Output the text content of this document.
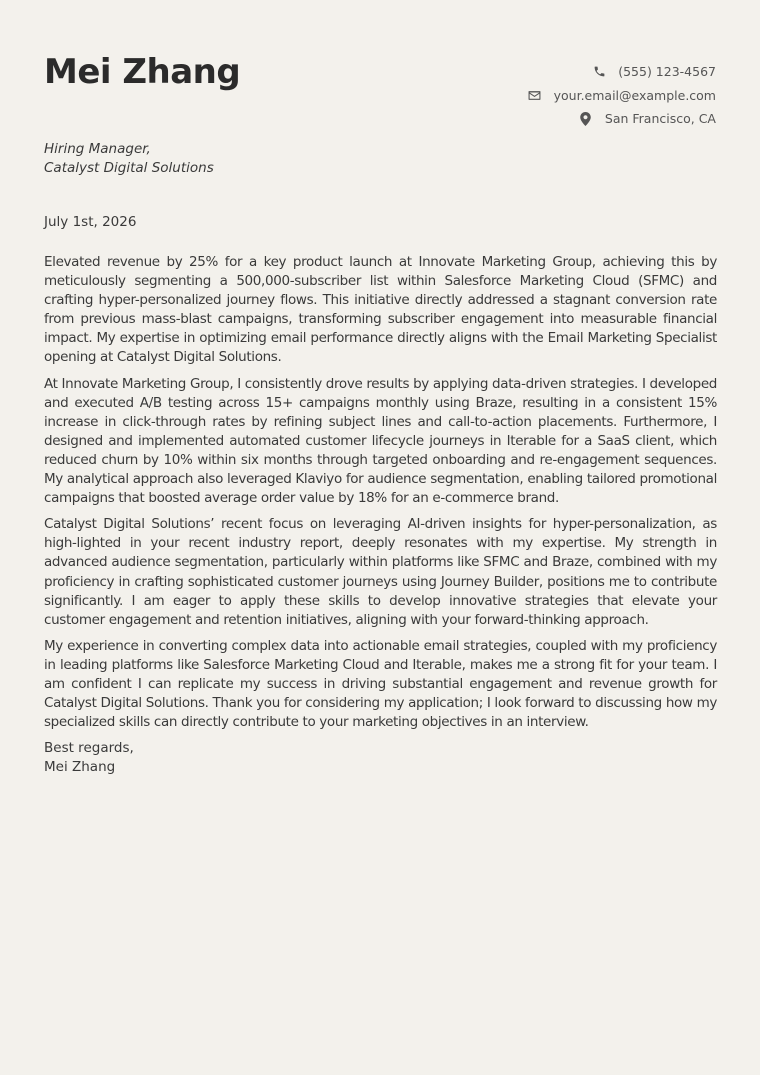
Mei Zhang	(555) 123-4567
your.email@example.com
San Francisco, CA
Hiring Manager,
Catalyst Digital Solutions
July 1st, 2026

Elevated revenue by 25% for a key product launch at Innovate Marketing Group, achieving this by meticulously segmenting a 500,000-subscriber list within Salesforce Marketing Cloud (SFMC) and crafting hyper-personalized journey flows. This initiative directly addressed a stagnant conversion rate from previous mass-blast campaigns, transforming subscriber engagement into measurable financial impact. My expertise in optimizing email performance directly aligns with the Email Marketing Specialist opening at Catalyst Digital Solutions.

At Innovate Marketing Group, I consistently drove results by applying data-driven strategies. I developed and executed A/B testing across 15+ campaigns monthly using Braze, resulting in a consistent 15% increase in click-through rates by refining subject lines and call-to-action placements. Furthermore, I designed and implemented automated customer lifecycle journeys in Iterable for a SaaS client, which reduced churn by 10% within six months through targeted onboarding and re-engagement sequences. My analytical approach also leveraged Klaviyo for audience segmentation, enabling tailored promotional campaigns that boosted average order value by 18% for an e-commerce brand.

Catalyst Digital Solutions’ recent focus on leveraging AI-driven insights for hyper-personalization, as high-lighted in your recent industry report, deeply resonates with my expertise. My strength in advanced audience segmentation, particularly within platforms like SFMC and Braze, combined with my proficiency in crafting sophisticated customer journeys using Journey Builder, positions me to contribute significantly. I am eager to apply these skills to develop innovative strategies that elevate your customer engagement and retention initiatives, aligning with your forward-thinking approach.

My experience in converting complex data into actionable email strategies, coupled with my proficiency in leading platforms like Salesforce Marketing Cloud and Iterable, makes me a strong fit for your team. I am confident I can replicate my success in driving substantial engagement and revenue growth for Catalyst Digital Solutions. Thank you for considering my application; I look forward to discussing how my specialized skills can directly contribute to your marketing objectives in an interview.

Best regards,
Mei Zhang
